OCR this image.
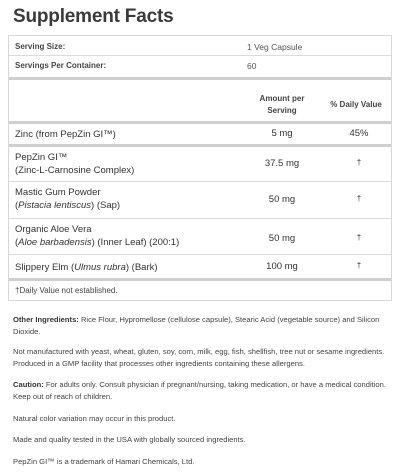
Supplement Facts
Serving Size:	1 Veg Capsule
Servings Per Container:	60
Amount per
Serving
% Daily Value
Zinc (from PepZin GI™)	5 mg	45%
PepZin GI™
(Zinc-L-Carnosine Complex)
37.5 mg	†
Mastic Gum Powder
(Pistacia lentiscus) (Sap)
50 mg	†
Organic Aloe Vera
(Aloe barbadensis) (Inner Leaf) (200:1)	50 mg	†
Slippery Elm (Ulmus rubra) (Bark)	100 mg	†
†Daily Value not established.
Other Ingredients: Rice Flour, Hypromellose (cellulose capsule), Stearic Acid (vegetable source) and Silicon Dioxide.
Not manufactured with yeast, wheat, gluten, soy, corn, milk, egg, fish, shellfish, tree nut or sesame ingredients. Produced in a GMP facility that processes other ingredients containing these allergens.
Caution: For adults only. Consult physician if pregnant/nursing, taking medication, or have a medical condition. Keep out of reach of children.
Natural color variation may occur in this product.
Made and quality tested in the USA with globally sourced ingredients.
PepZin GI™ is a trademark of Hamari Chemicals, Ltd.
